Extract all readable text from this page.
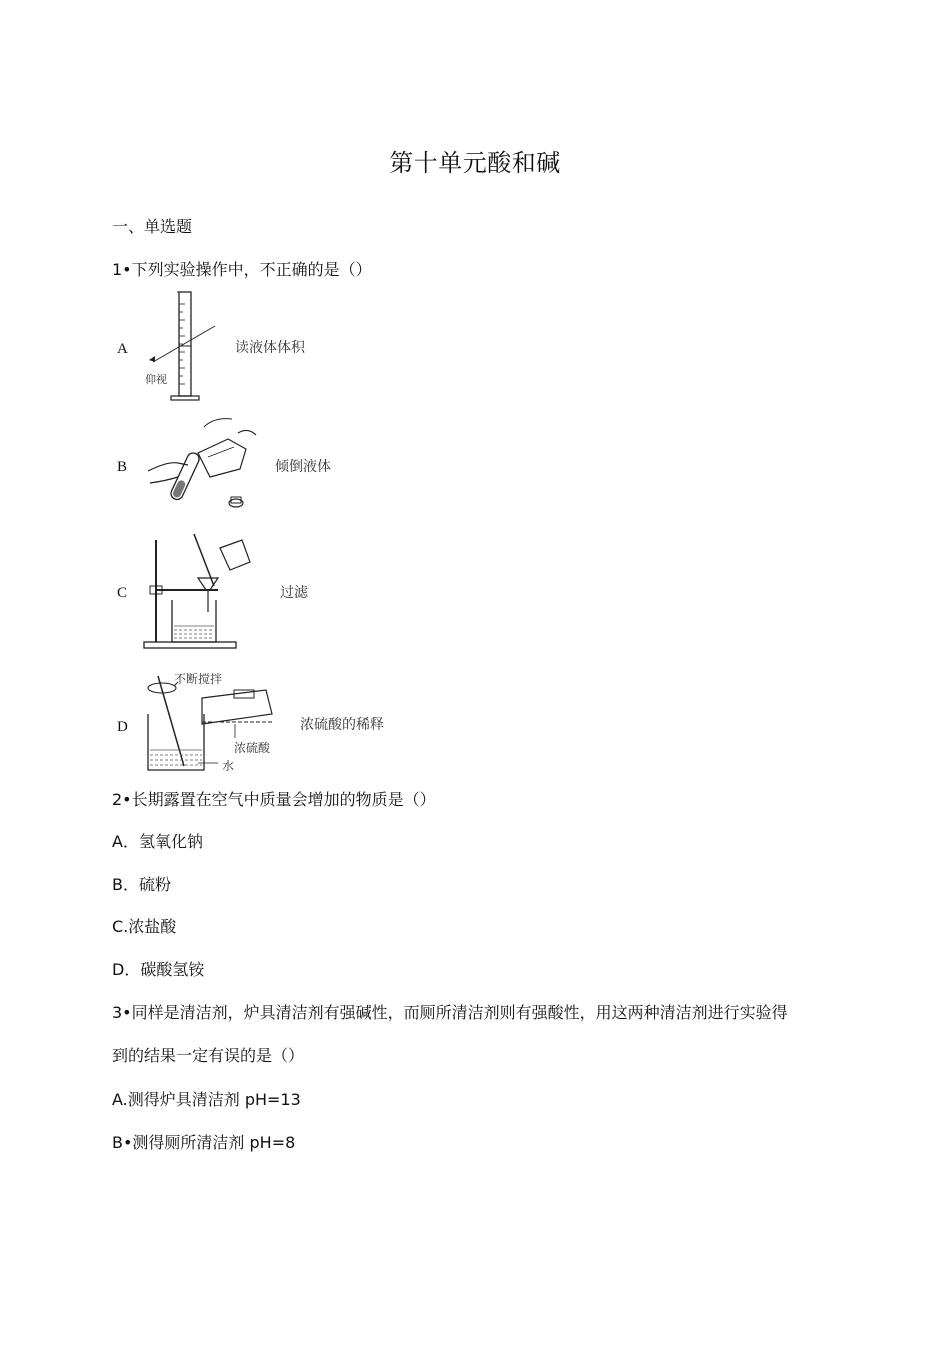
第十单元酸和碱
一、单选题
1•下列实验操作中，不正确的是（）
A
仰视
读液体体积
B	倾倒液体
C	过滤
D
不断搅拌
浓硫酸
水
浓硫酸的稀释
2•长期露置在空气中质量会增加的物质是（）
A．氢氧化钠
B．硫粉
C.浓盐酸
D．碳酸氢铵
3•同样是清洁剂，炉具清洁剂有强碱性，而厕所清洁剂则有强酸性，用这两种清洁剂进行实验得
到的结果一定有误的是（）
A.测得炉具清洁剂 pH=13
B•测得厕所清洁剂 pH=8
